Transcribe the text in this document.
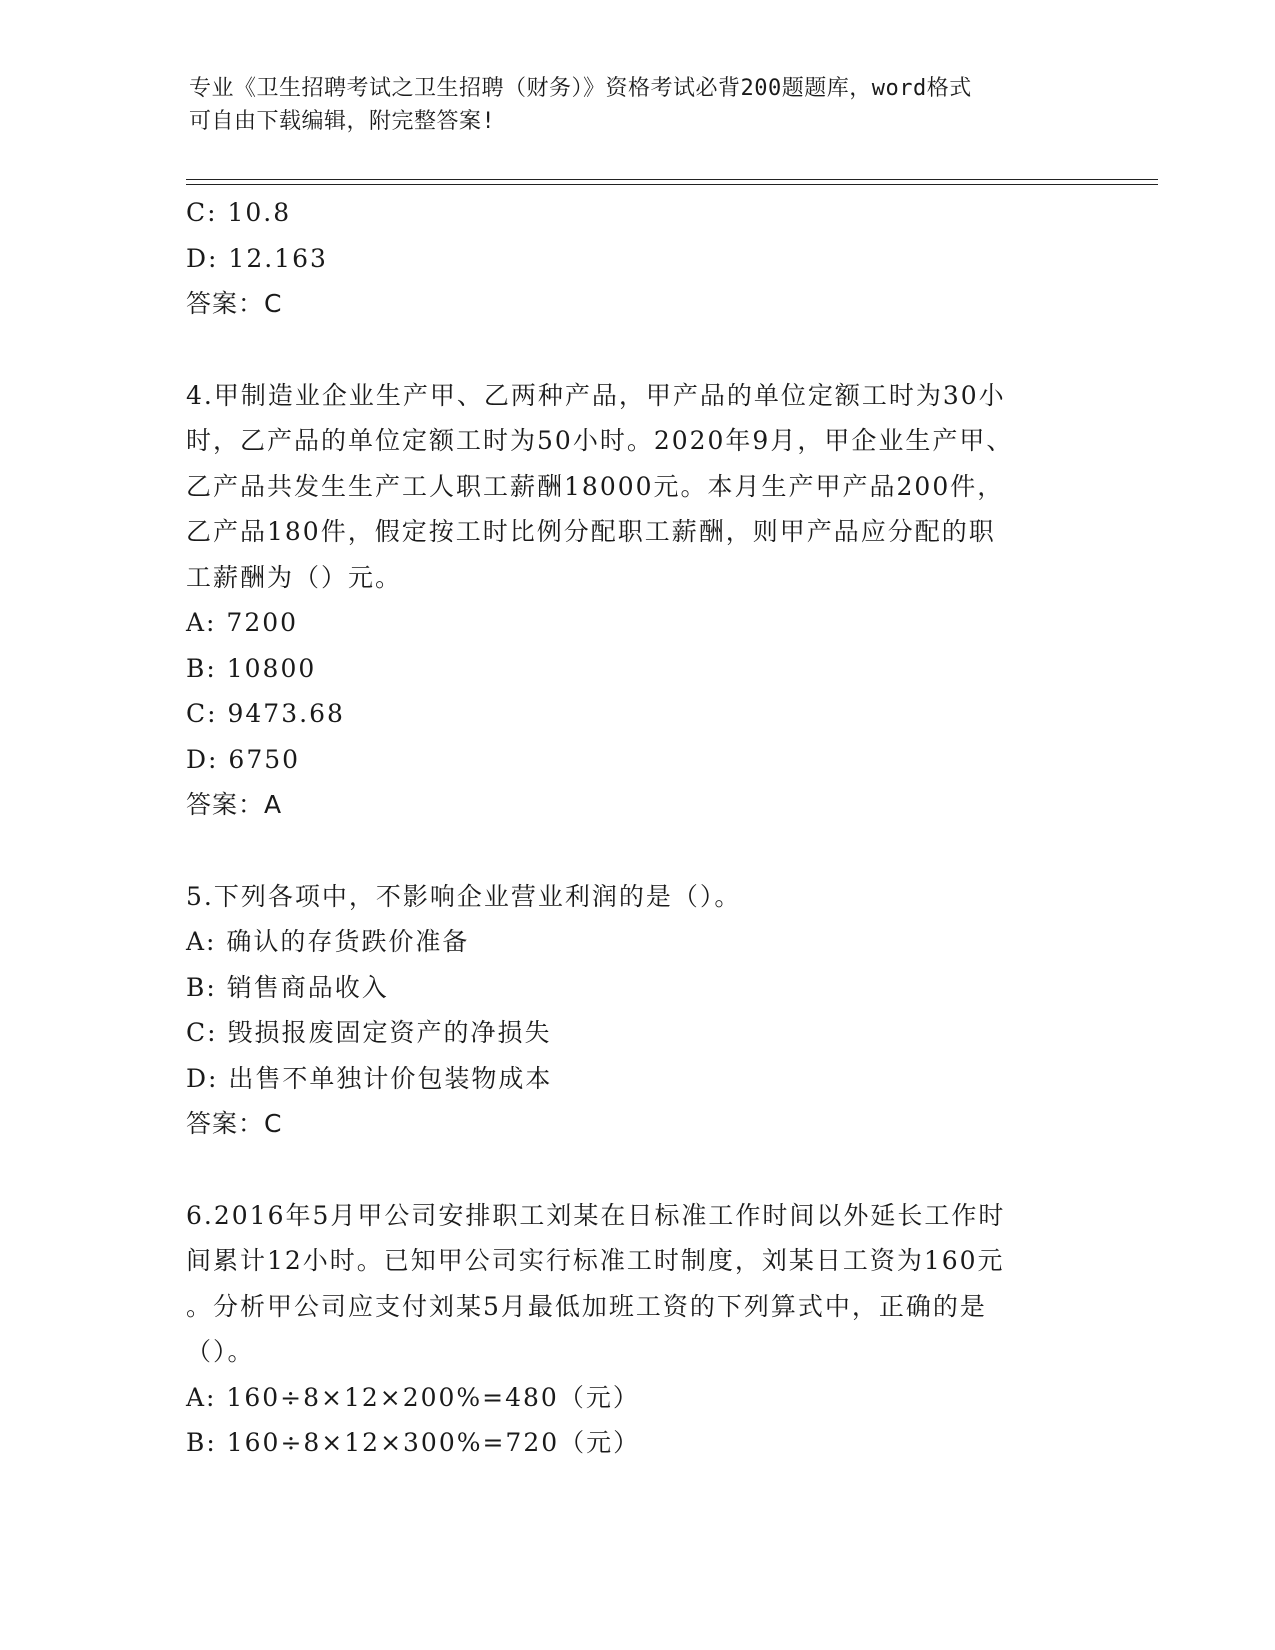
专业《卫生招聘考试之卫生招聘（财务）》资格考试必背200题题库，word格式
可自由下载编辑，附完整答案!
C: 10.8
D: 12.163
答案：C
4.甲制造业企业生产甲、乙两种产品，甲产品的单位定额工时为30小
时，乙产品的单位定额工时为50小时。2020年9月，甲企业生产甲、
乙产品共发生生产工人职工薪酬18000元。本月生产甲产品200件，
乙产品180件，假定按工时比例分配职工薪酬，则甲产品应分配的职
工薪酬为（）元。
A: 7200
B: 10800
C: 9473.68
D: 6750
答案：A
5.下列各项中，不影响企业营业利润的是（）。
A: 确认的存货跌价准备
B: 销售商品收入
C: 毁损报废固定资产的净损失
D: 出售不单独计价包装物成本
答案：C
6.2016年5月甲公司安排职工刘某在日标准工作时间以外延长工作时
间累计12小时。已知甲公司实行标准工时制度，刘某日工资为160元
。分析甲公司应支付刘某5月最低加班工资的下列算式中，正确的是
（）。
A: 160÷8×12×200%=480（元）
B: 160÷8×12×300%=720（元）
